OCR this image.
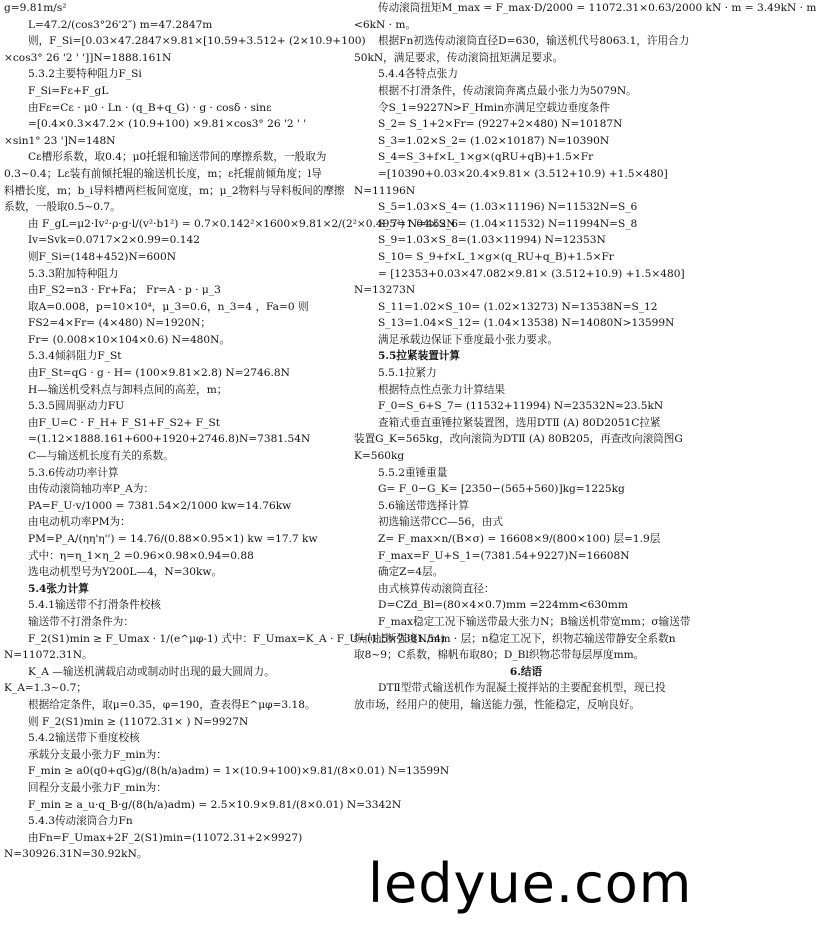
g=9.81m/s²
L=47.2/(cos3°26'2″) m=47.2847m
则，F_Si=[0.03×47.2847×9.81×[10.59+3.512+ (2×10.9+100)
×cos3° 26 '2 ' ']]N=1888.161N
5.3.2主要特种阻力F_Si
F_Si=Fε+F_gL
由Fε=Cε · μ0 · Ln · (q_B+q_G) · g · cosδ · sinε
=[0.4×0.3×47.2× (10.9+100) ×9.81×cos3° 26 '2 ' '
×sin1° 23 ']N=148N
Cε槽形系数，取0.4；μ0托辊和输送带间的摩擦系数，一般取为
0.3~0.4；Lε装有前倾托辊的输送机长度，m；ε托辊前倾角度；l导
料槽长度，m；b_i导料槽两栏板间宽度，m；μ_2物料与导料板间的摩擦
系数，一般取0.5~0.7。
由 F_gL=μ2·Iv²·ρ·g·l/(v²·b1²) = 0.7×0.142²×1600×9.81×2/(2²×0.495²) N=452N
Iv=Svk=0.0717×2×0.99=0.142
则F_Si=(148+452)N=600N
5.3.3附加特种阻力
由F_S2=n3 · Fr+Fa； Fr=A · p · μ_3
取A=0.008，p=10×10⁴，μ_3=0.6，n_3=4 ，Fa=0 则
FS2=4×Fr= (4×480) N=1920N；
Fr= (0.008×10×104×0.6) N=480N。
5.3.4倾斜阻力F_St
由F_St=qG · g · H= (100×9.81×2.8) N=2746.8N
H—输送机受料点与卸料点间的高差，m；
5.3.5圆周驱动力FU
由F_U=C · F_H+ F_S1+F_S2+ F_St
=(1.12×1888.161+600+1920+2746.8)N=7381.54N
C—与输送机长度有关的系数。
5.3.6传动功率计算
由传动滚筒轴功率P_A为：
PA=F_U·v/1000 = 7381.54×2/1000 kw=14.76kw
由电动机功率PM为：
PM=P_A/(ηη'η'') = 14.76/(0.88×0.95×1) kw =17.7 kw
式中：η=η_1×η_2 =0.96×0.98×0.94=0.88
选电动机型号为Y200L—4，N=30kw。
5.4张力计算
5.4.1输送带不打滑条件校核
输送带不打滑条件为：
F_2(S1)min ≥ F_Umax · 1/(e^μφ-1) 式中：F_Umax=K_A · F_U=(1.5×7381.54)
N=11072.31N。
K_A —输送机满载启动或制动时出现的最大圆周力。
K_A=1.3~0.7；
根据给定条件，取μ=0.35，φ=190，查表得E^μφ=3.18。
则 F_2(S1)min ≥ (11072.31× ) N=9927N
5.4.2输送带下垂度校核
承载分支最小张力F_min为：
F_min ≥ a0(q0+qG)g/(8(h/a)adm) = 1×(10.9+100)×9.81/(8×0.01) N=13599N
回程分支最小张力F_min为：
F_min ≥ a_u·q_B·g/(8(h/a)adm) = 2.5×10.9×9.81/(8×0.01) N=3342N
5.4.3传动滚筒合力Fn
由Fn=F_Umax+2F_2(S1)min=(11072.31+2×9927)
N=30926.31N=30.92kN。
传动滚筒扭矩M_max = F_max·D/2000 = 11072.31×0.63/2000 kN · m = 3.49kN · m
<6kN · m。
根据Fn初选传动滚筒直径D=630，输送机代号8063.1，许用合力
50kN，满足要求，传动滚筒扭矩满足要求。
5.4.4各特点张力
根据不打滑条件，传动滚筒奔离点最小张力为5079N。
令S_1=9227N>F_Hmin亦满足空载边垂度条件
S_2= S_1+2×Fr= (9227+2×480) N=10187N
S_3=1.02×S_2= (1.02×10187) N=10390N
S_4=S_3+f×L_1×g×(qRU+qB)+1.5×Fr
=[10390+0.03×20.4×9.81× (3.512+10.9) +1.5×480]
N=11196N
S_5=1.03×S_4= (1.03×11196) N=11532N=S_6
S_7=1.04×S_6= (1.04×11532) N=11994N=S_8
S_9=1.03×S_8=(1.03×11994) N=12353N
S_10= S_9+f×L_1×g×(q_RU+q_B)+1.5×Fr
= [12353+0.03×47.082×9.81× (3.512+10.9) +1.5×480]
N=13273N
S_11=1.02×S_10= (1.02×13273) N=13538N=S_12
S_13=1.04×S_12= (1.04×13538) N=14080N>13599N
满足承载边保证下垂度最小张力要求。
5.5拉紧装置计算
5.5.1拉紧力
根据特点性点张力计算结果
F_0=S_6+S_7= (11532+11994) N=23532N≈23.5kN
查箱式垂直重锤拉紧装置图，选用DTⅡ (A) 80D2051C拉紧
装置G_K=565kg，改向滚筒为DTⅡ (A) 80B205，再查改向滚筒图G
K=560kg
5.5.2重锤重量
G= F_0−G_K= [2350−(565+560)]kg=1225kg
5.6输送带选择计算
初选输送带CC—56，由式
Z= F_max×n/(B×σ) = 16608×9/(800×100) 层=1.9层
F_max=F_U+S_1=(7381.54+9227)N=16608N
确定Z=4层。
由式核算传动滚筒直径：
D=CZd_Bl=(80×4×0.7)mm =224mm<630mm
F_max稳定工况下输送带最大张力N；B输送机带宽mm；σ输送带
纵向扯断强度N/mm · 层；n稳定工况下，织物芯输送带静安全系数n
取8~9；C系数，棉帆布取80；D_Bl织物芯带每层厚度mm。
6.结语
DTⅡ型带式输送机作为混凝土搅拌站的主要配套机型，现已投
放市场，经用户的使用，输送能力强，性能稳定，反响良好。
ledyue.com
